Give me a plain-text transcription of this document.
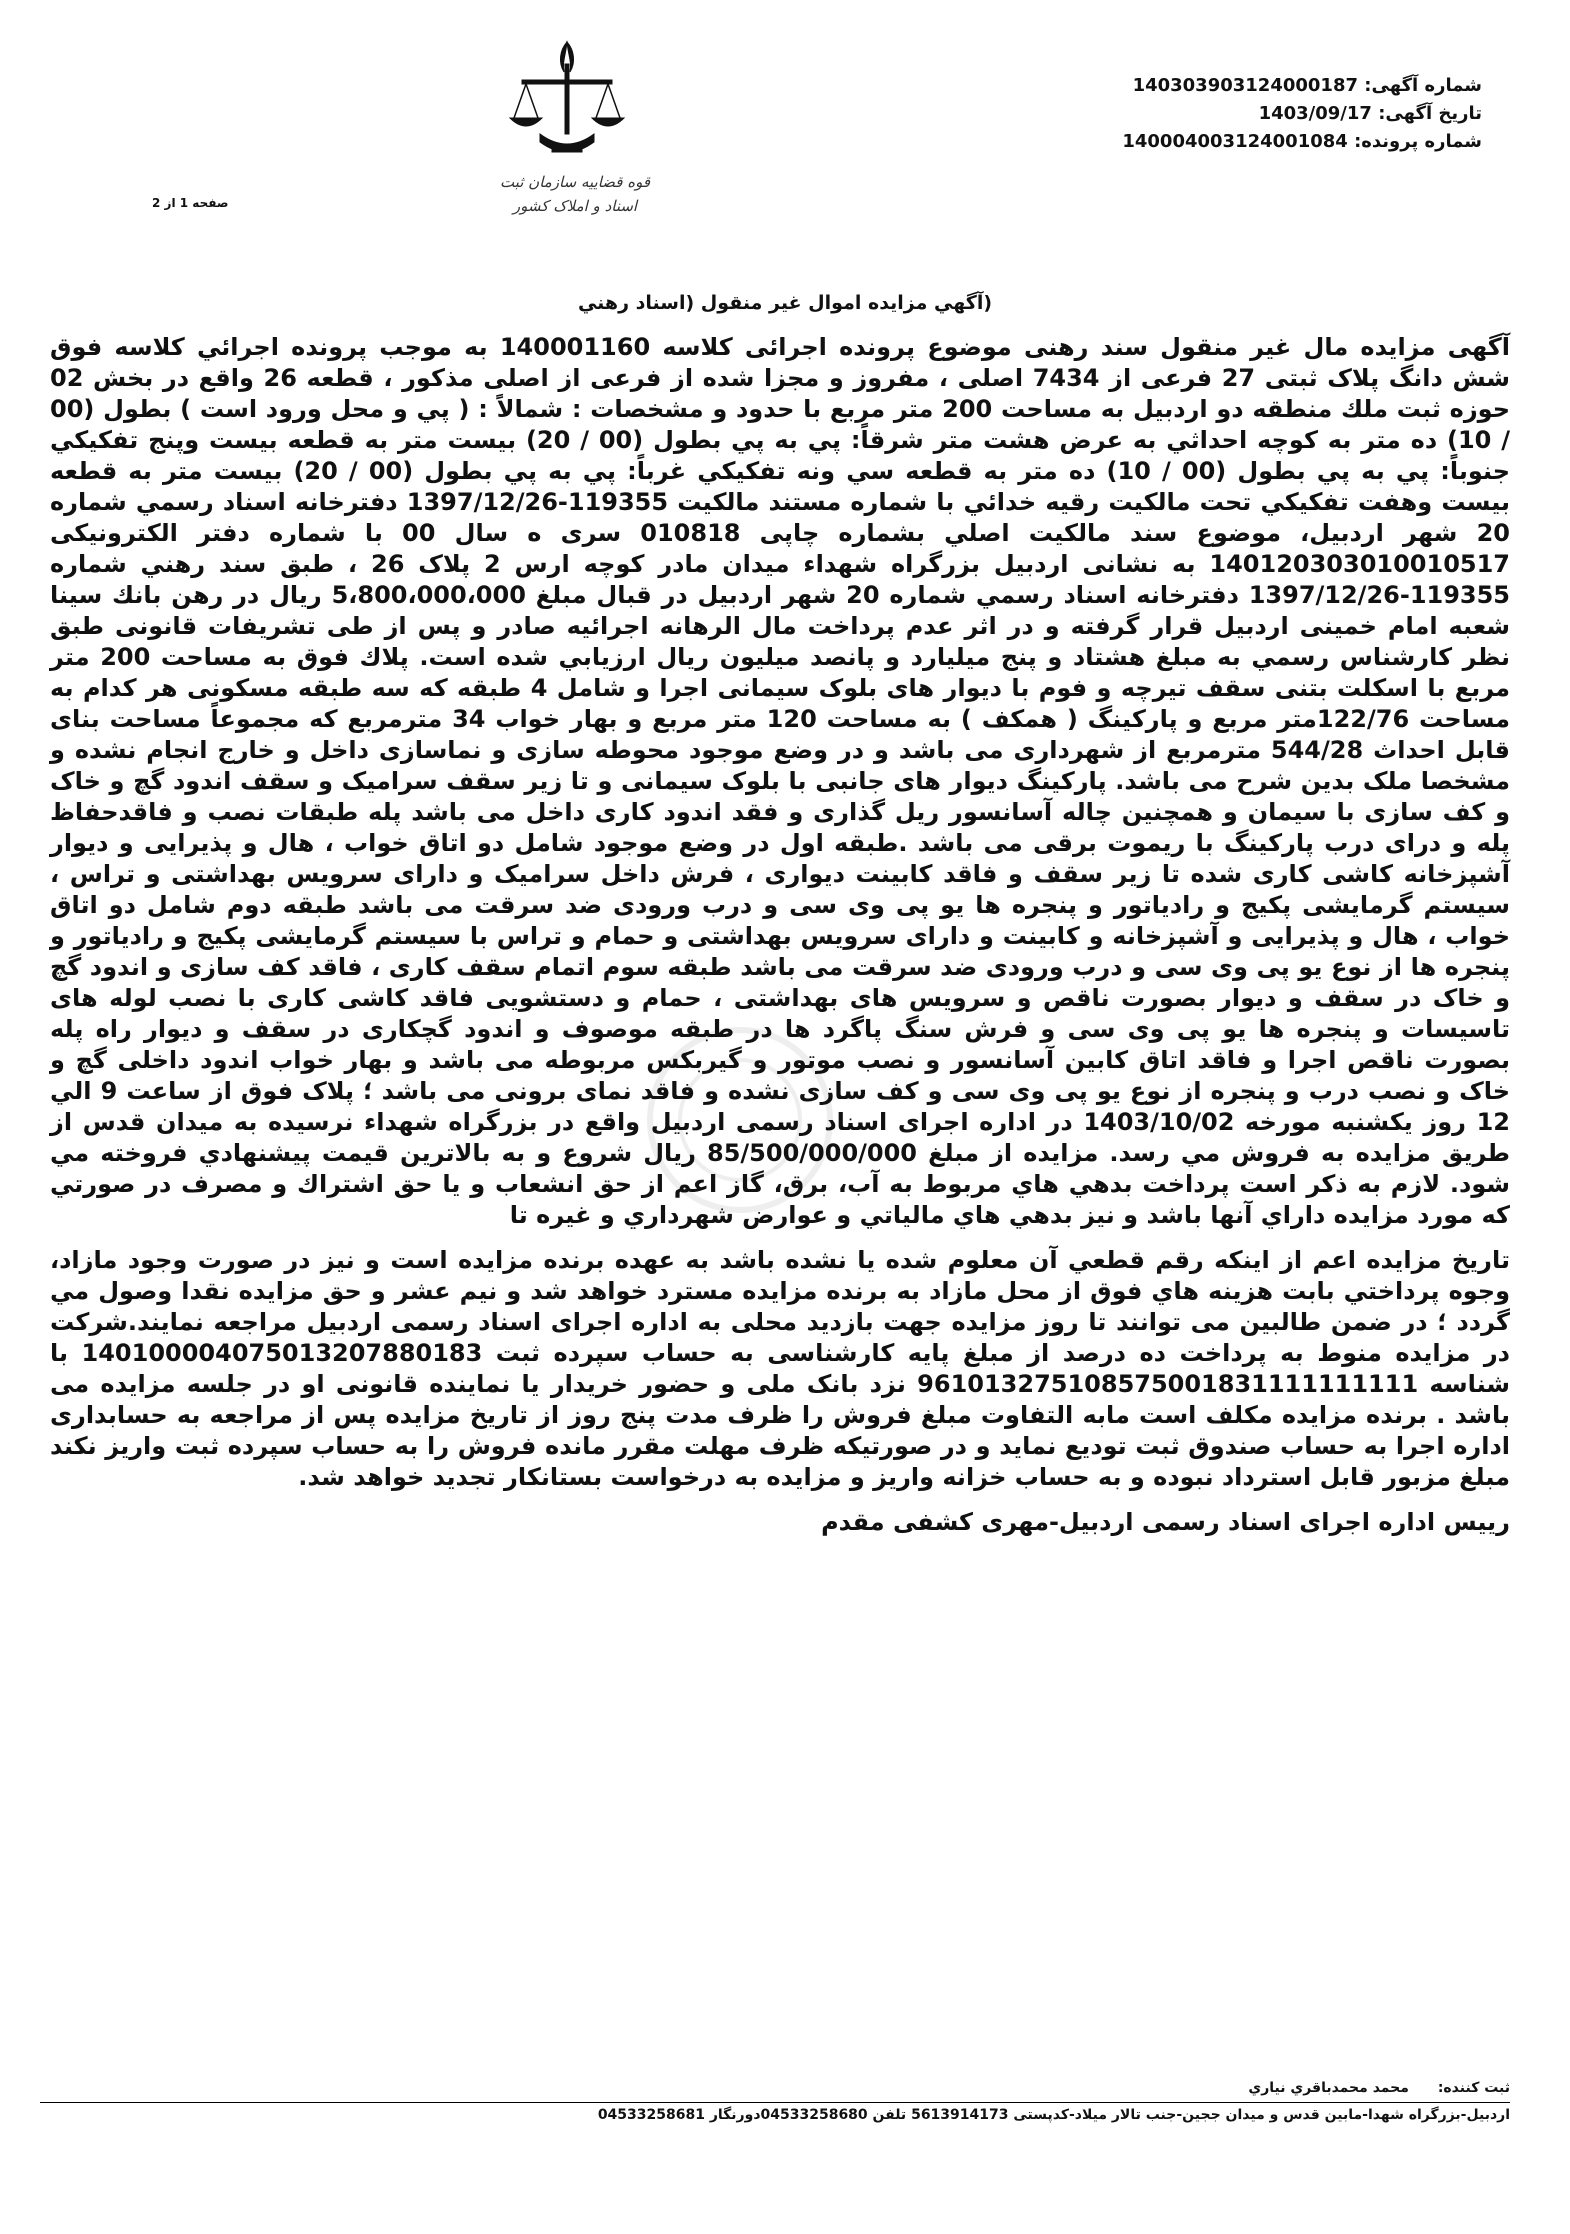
شماره آگهی: 140303903124000187
تاریخ آگهی: 1403/09/17
شماره پرونده: 140004003124001084
صفحه 1 از 2
قوه قضاییه سازمان ثبت اسناد و املاک کشور
(آگهي مزايده اموال غير منقول (اسناد رهني

آگهی مزایده مال غیر منقول سند رهنی موضوع پرونده اجرائی کلاسه 140001160 به موجب پرونده اجرائي كلاسه فوق شش دانگ پلاک ثبتی 27 فرعی از 7434 اصلی ، مفروز و مجزا شده از فرعی از اصلی مذکور ، قطعه 26 واقع در بخش 02 حوزه ثبت ملك منطقه دو اردبیل به مساحت 200 متر مربع با حدود و مشخصات : شمالاً : ( پي و محل ورود است ) بطول (00 / 10) ده متر به كوچه احداثي به عرض هشت متر شرقاً: پي به پي بطول (00 / 20) بیست متر به قطعه بيست وپنج تفكيكي جنوباً: پي به پي بطول (00 / 10) ده متر به قطعه سي ونه تفكيكي غرباً: پي به پي بطول (00 / 20) بیست متر به قطعه بيست وهفت تفكيكي تحت مالكيت رقيه خدائي با شماره مستند مالكيت 119355-1397/12/26 دفترخانه اسناد رسمي شماره 20 شهر اردبيل، موضوع سند مالكيت اصلي بشماره چاپی 010818 سری ه سال 00 با شماره دفتر الکترونیکی 140120303010010517 به نشانی اردبیل بزرگراه شهداء میدان مادر کوچه ارس 2 پلاک 26 ، طبق سند رهني شماره 119355-1397/12/26 دفترخانه اسناد رسمي شماره 20 شهر اردبیل در قبال مبلغ 5،800،000،000 ریال در رهن بانك سينا شعبه امام خمینی اردبیل قرار گرفته و در اثر عدم پرداخت مال الرهانه اجرائيه صادر و پس از طی تشريفات قانونی طبق نظر كارشناس رسمي به مبلغ هشتاد و پنج میلیارد و پانصد میلیون ريال ارزيابي شده است. پلاك فوق به مساحت 200 متر مربع با اسکلت بتنی سقف تیرچه و فوم با دیوار های بلوک سیمانی اجرا و شامل 4 طبقه که سه طبقه مسکونی هر کدام به مساحت 122/76متر مربع و پارکینگ ( همکف ) به مساحت 120 متر مربع و بهار خواب 34 مترمربع که مجموعاً مساحت بنای قابل احداث 544/28 مترمربع از شهرداری می باشد و در وضع موجود محوطه سازی و نماسازی داخل و خارج انجام نشده و مشخصا ملک بدین شرح می باشد. پارکینگ دیوار های جانبی با بلوک سیمانی و تا زیر سقف سرامیک و سقف اندود گچ و خاک و کف سازی با سیمان و همچنین چاله آسانسور ریل گذاری و فقد اندود کاری داخل می باشد پله طبقات نصب و فاقدحفاظ پله و درای درب پارکینگ با ریموت برقی می باشد .طبقه اول در وضع موجود شامل دو اتاق خواب ، هال و پذیرایی و دیوار آشپزخانه کاشی کاری شده تا زیر سقف و فاقد کابینت دیواری ، فرش داخل سرامیک و دارای سرویس بهداشتی و تراس ، سیستم گرمایشی پکیج و رادیاتور و پنجره ها یو پی وی سی و درب ورودی ضد سرقت می باشد طبقه دوم شامل دو اتاق خواب ، هال و پذیرایی و آشپزخانه و کابینت و دارای سرویس بهداشتی و حمام و تراس با سیستم گرمایشی پکیج و رادیاتور و پنجره ها از نوع یو پی وی سی و درب ورودی ضد سرقت می باشد طبقه سوم اتمام سقف کاری ، فاقد کف سازی و اندود گچ و خاک در سقف و دیوار بصورت ناقص و سرویس های بهداشتی ، حمام و دستشویی فاقد کاشی کاری با نصب لوله های تاسیسات و پنجره ها یو پی وی سی و فرش سنگ پاگرد ها در طبقه موصوف و اندود گچکاری در سقف و دیوار راه پله بصورت ناقص اجرا و فاقد اتاق کابین آسانسور و نصب موتور و گیربکس مربوطه می باشد و بهار خواب اندود داخلی گچ و خاک و نصب درب و پنجره از نوع یو پی وی سی و کف سازی نشده و فاقد نمای برونی می باشد ؛ پلاک فوق از ساعت 9 الي 12 روز یکشنبه مورخه 1403/10/02 در اداره اجرای اسناد رسمی اردبیل واقع در بزرگراه شهداء نرسیده به میدان قدس از طريق مزايده به فروش مي رسد. مزايده از مبلغ 85/500/000/000 ريال شروع و به بالاترين قيمت پيشنهادي فروخته مي شود. لازم به ذكر است پرداخت بدهي هاي مربوط به آب، برق، گاز اعم از حق انشعاب و يا حق اشتراك و مصرف در صورتي كه مورد مزايده داراي آنها باشد و نيز بدهي هاي مالياتي و عوارض شهرداري و غيره تا

تاريخ مزايده اعم از اينكه رقم قطعي آن معلوم شده يا نشده باشد به عهده برنده مزايده است و نيز در صورت وجود مازاد، وجوه پرداختي بابت هزينه هاي فوق از محل مازاد به برنده مزايده مسترد خواهد شد و نیم عشر و حق مزایده نقدا وصول مي گردد ؛ در ضمن طالبين می توانند تا روز مزايده جهت بازديد محلی به اداره اجرای اسناد رسمی اردبیل مراجعه نمایند.شرکت در مزایده منوط به پرداخت ده درصد از مبلغ پایه کارشناسی به حساب سپرده ثبت 140100004075013207880183 با شناسه 961013275108575001831111111111 نزد بانک ملی و حضور خریدار یا نماینده قانونی او در جلسه مزایده می باشد . برنده مزایده مکلف است مابه التفاوت مبلغ فروش را ظرف مدت پنج روز از تاریخ مزایده پس از مراجعه به حسابداری اداره اجرا به حساب صندوق ثبت توديع نمايد و در صورتيكه ظرف مهلت مقرر مانده فروش را به حساب سپرده ثبت واریز نكند مبلغ مزبور قابل استرداد نبوده و به حساب خزانه واريز و مزايده به درخواست بستانكار تجديد خواهد شد.

رییس اداره اجرای اسناد رسمی اردبیل-مهری کشفی مقدم

ثبت کننده: محمد محمدباقري نياري
اردبیل-بزرگراه شهدا-مابین قدس و میدان ججین-جنب تالار میلاد-کدپستی 5613914173 تلفن 04533258680دورنگار 04533258681
